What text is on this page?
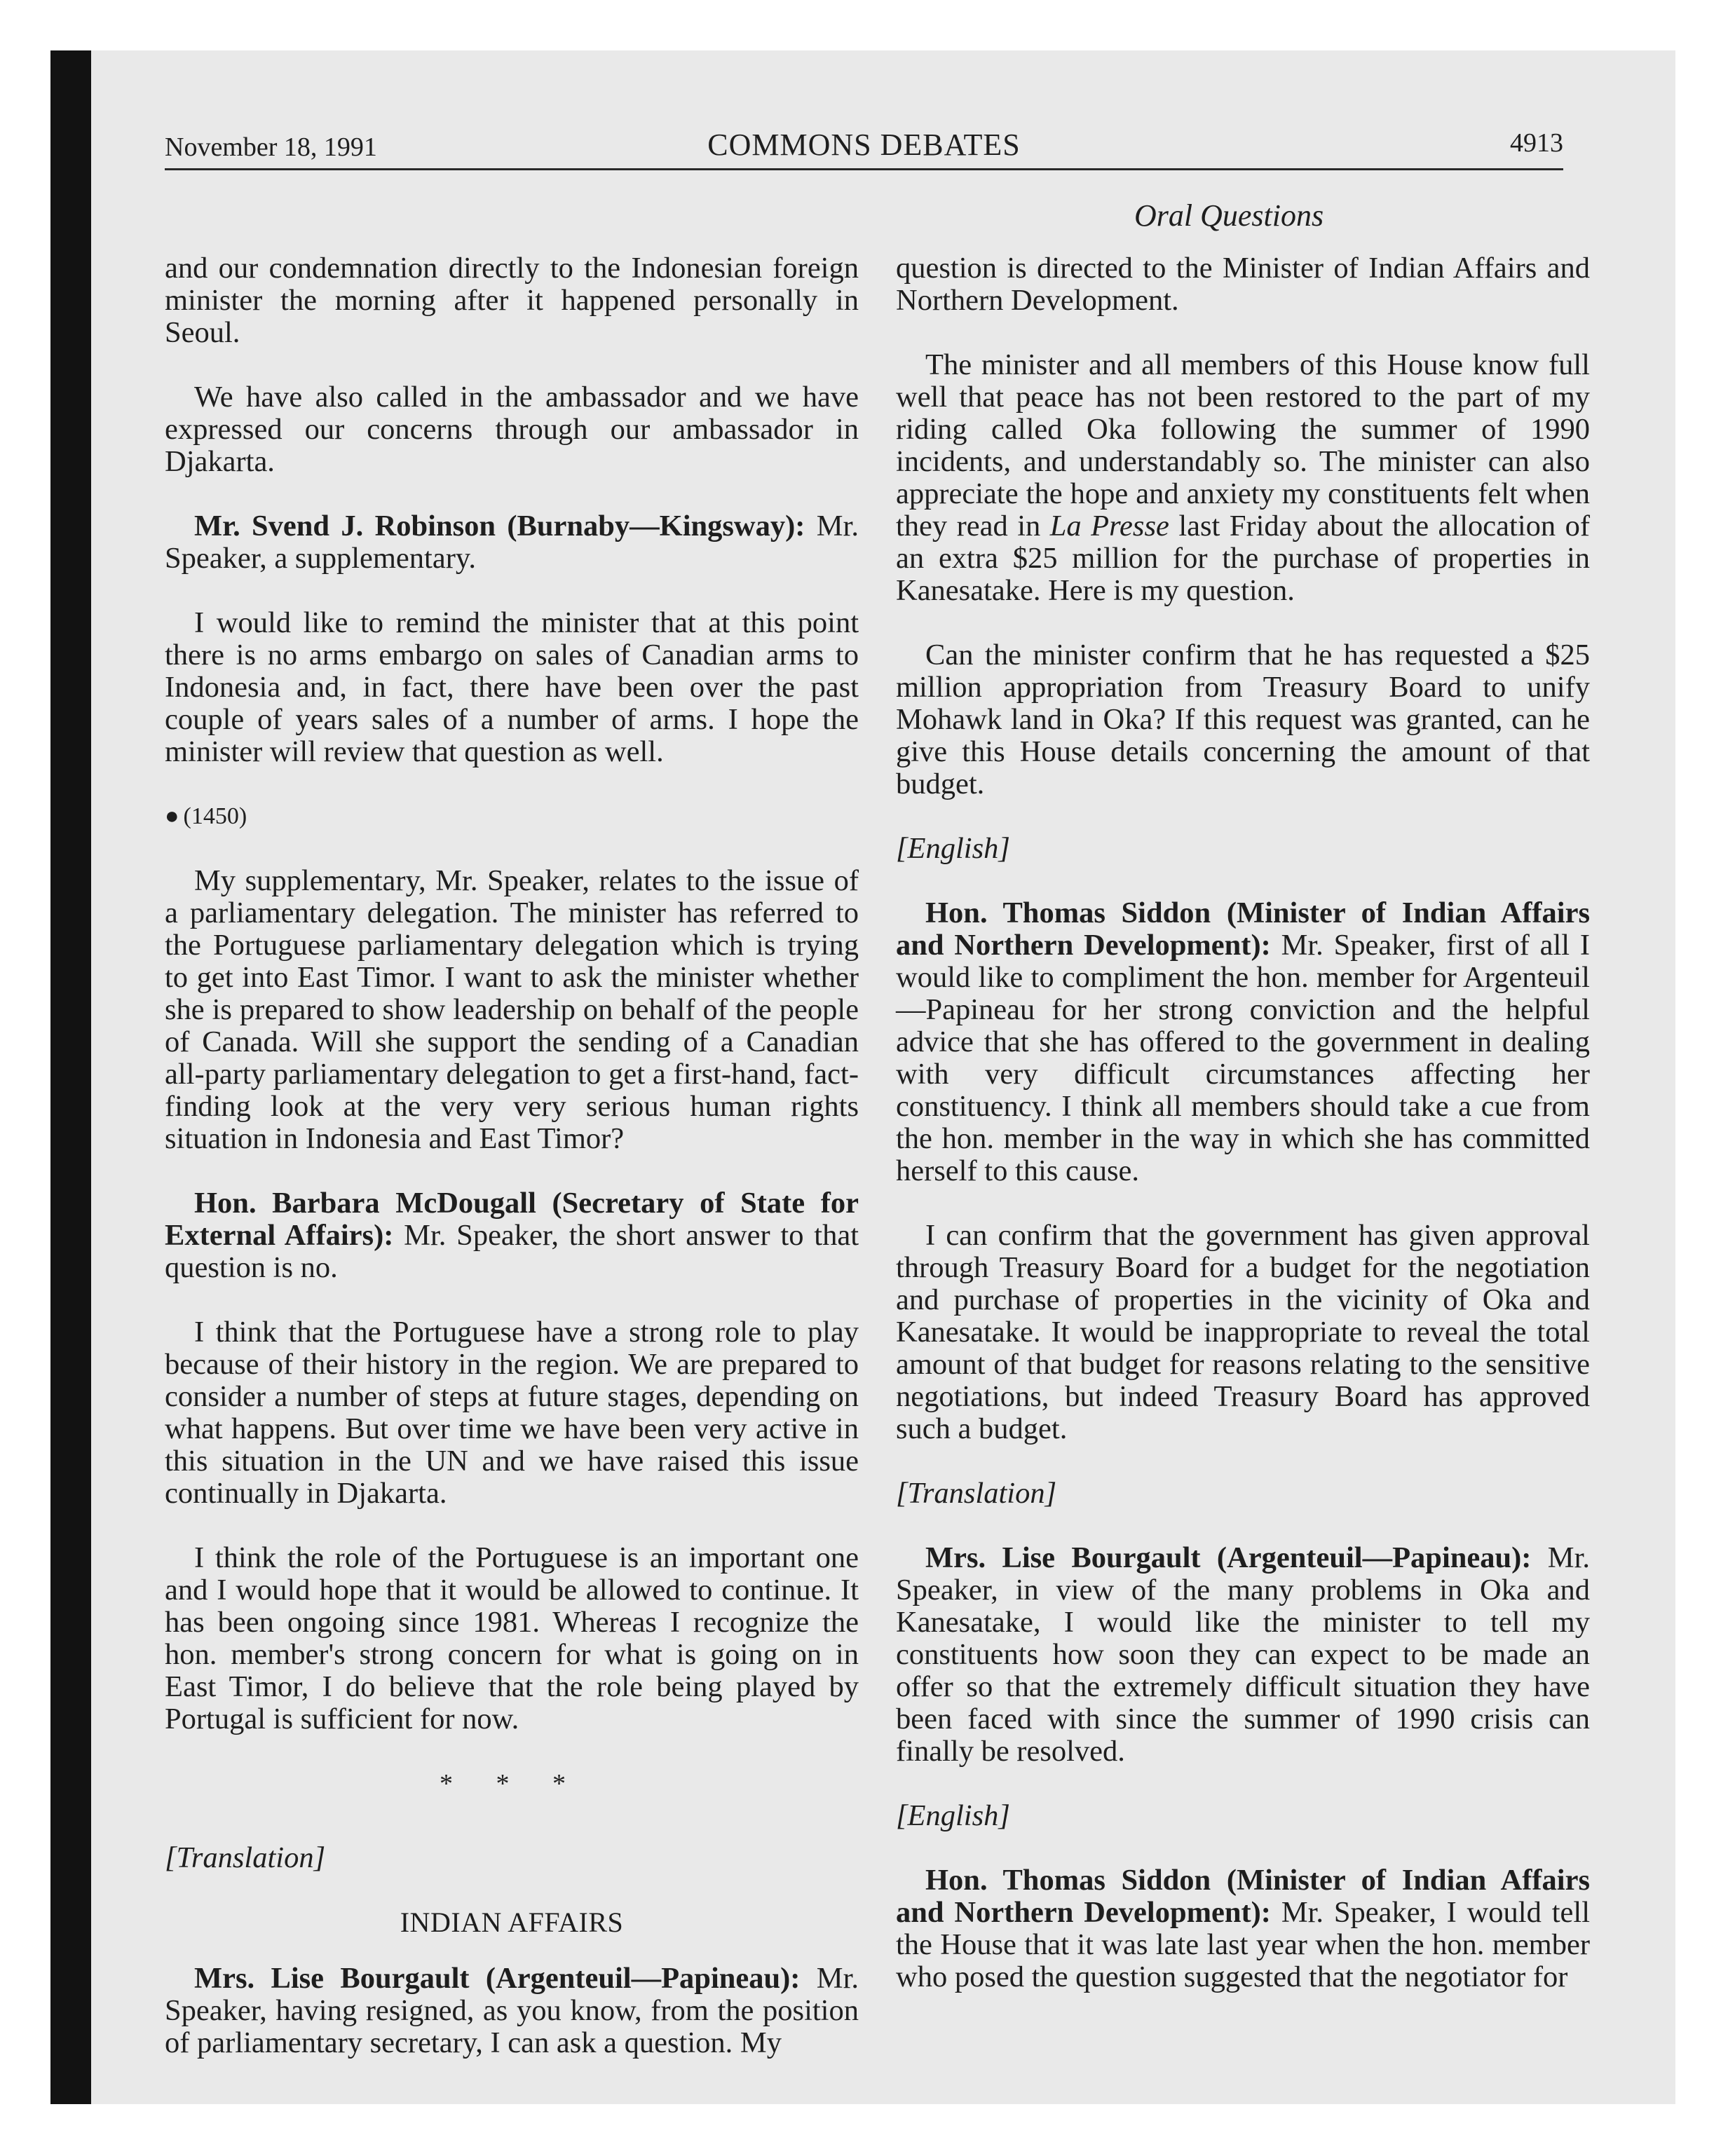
November 18, 1991	COMMONS DEBATES	4913
Oral Questions

and our condemnation directly to the Indonesian foreign minister the morning after it happened personally in Seoul.

We have also called in the ambassador and we have expressed our concerns through our ambassador in Djakarta.

Mr. Svend J. Robinson (Burnaby—Kingsway): Mr. Speaker, a supplementary.

I would like to remind the minister that at this point there is no arms embargo on sales of Canadian arms to Indonesia and, in fact, there have been over the past couple of years sales of a number of arms. I hope the minister will review that question as well.

● (1450)

My supplementary, Mr. Speaker, relates to the issue of a parliamentary delegation. The minister has referred to the Portuguese parliamentary delegation which is trying to get into East Timor. I want to ask the minister whether she is prepared to show leadership on behalf of the people of Canada. Will she support the sending of a Canadian all-party parliamentary delegation to get a first-hand, fact-finding look at the very very serious human rights situation in Indonesia and East Timor?

Hon. Barbara McDougall (Secretary of State for External Affairs): Mr. Speaker, the short answer to that question is no.

I think that the Portuguese have a strong role to play because of their history in the region. We are prepared to consider a number of steps at future stages, depending on what happens. But over time we have been very active in this situation in the UN and we have raised this issue continually in Djakarta.

I think the role of the Portuguese is an important one and I would hope that it would be allowed to continue. It has been ongoing since 1981. Whereas I recognize the hon. member's strong concern for what is going on in East Timor, I do believe that the role being played by Portugal is sufficient for now.

* * *
[Translation]
INDIAN AFFAIRS

Mrs. Lise Bourgault (Argenteuil—Papineau): Mr. Speaker, having resigned, as you know, from the position of parliamentary secretary, I can ask a question. My

question is directed to the Minister of Indian Affairs and Northern Development.

The minister and all members of this House know full well that peace has not been restored to the part of my riding called Oka following the summer of 1990 incidents, and understandably so. The minister can also appreciate the hope and anxiety my constituents felt when they read in La Presse last Friday about the allocation of an extra $25 million for the purchase of properties in Kanesatake. Here is my question.

Can the minister confirm that he has requested a $25 million appropriation from Treasury Board to unify Mohawk land in Oka? If this request was granted, can he give this House details concerning the amount of that budget.

[English]

Hon. Thomas Siddon (Minister of Indian Affairs and Northern Development): Mr. Speaker, first of all I would like to compliment the hon. member for Argenteuil—Papineau for her strong conviction and the helpful advice that she has offered to the government in dealing with very difficult circumstances affecting her constituency. I think all members should take a cue from the hon. member in the way in which she has committed herself to this cause.

I can confirm that the government has given approval through Treasury Board for a budget for the negotiation and purchase of properties in the vicinity of Oka and Kanesatake. It would be inappropriate to reveal the total amount of that budget for reasons relating to the sensitive negotiations, but indeed Treasury Board has approved such a budget.

[Translation]

Mrs. Lise Bourgault (Argenteuil—Papineau): Mr. Speaker, in view of the many problems in Oka and Kanesatake, I would like the minister to tell my constituents how soon they can expect to be made an offer so that the extremely difficult situation they have been faced with since the summer of 1990 crisis can finally be resolved.

[English]

Hon. Thomas Siddon (Minister of Indian Affairs and Northern Development): Mr. Speaker, I would tell the House that it was late last year when the hon. member who posed the question suggested that the negotiator for
